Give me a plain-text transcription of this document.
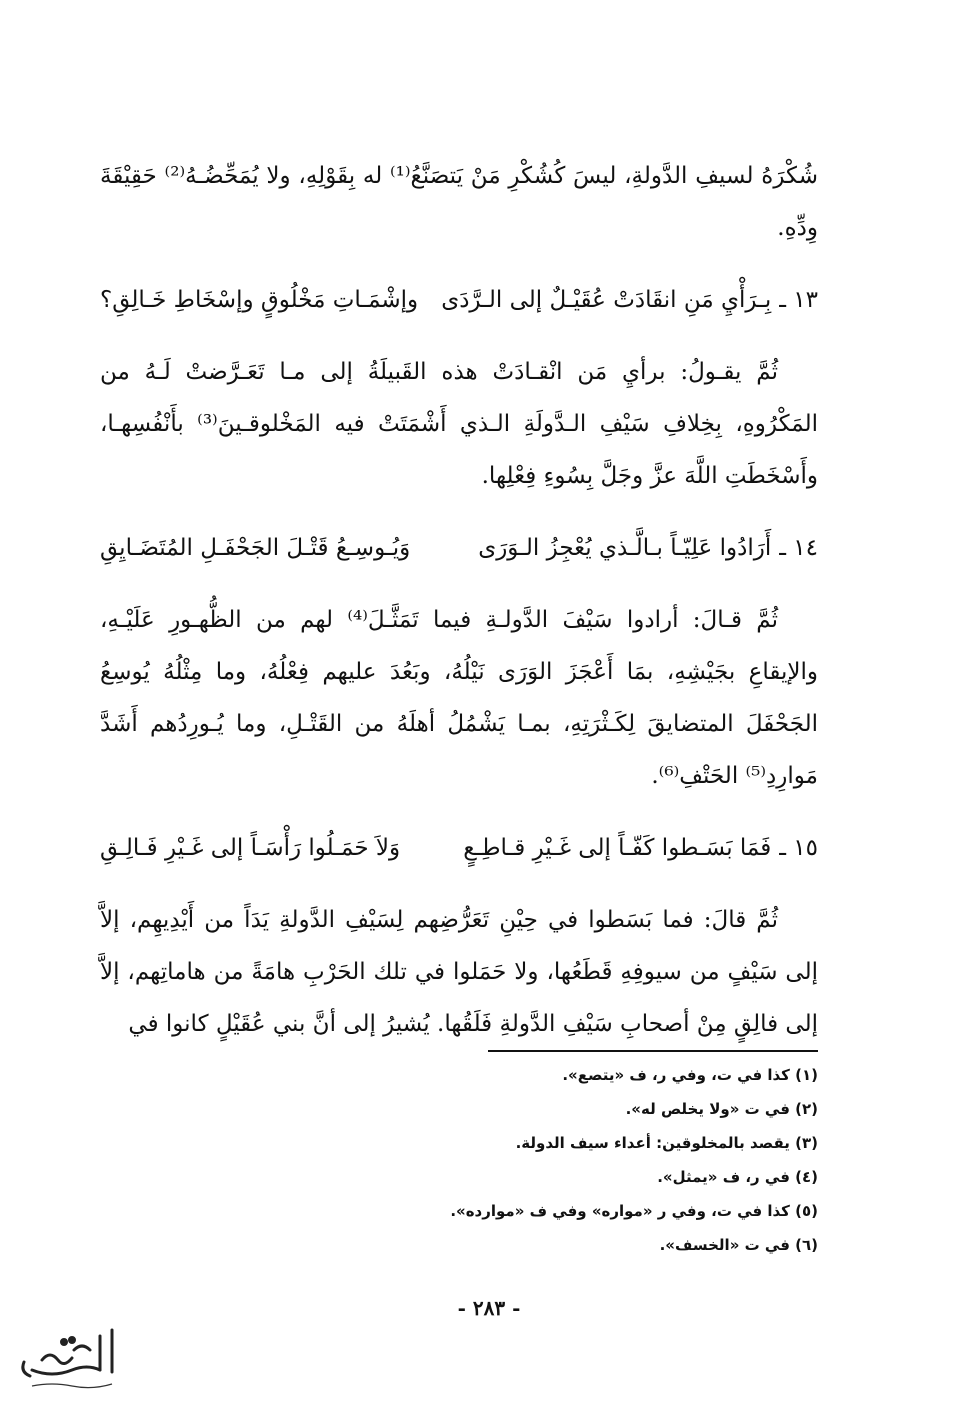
شُكْرَهُ لسيفِ الدَّولةِ، ليسَ كُشُكْرِ مَنْ يَتصَنَّعُ⁽¹⁾ له بِقَوْلِهِ، ولا يُمَحِّضُـهُ⁽²⁾ حَقِيْقَةَ وِدِّهِ.

١٣ ـ
بِـرَأْيِ مَنِ انقَادَتْ عُقَيْـلٌ إلى الـرَّدَى
وإشْمَـاتِ مَخْلُوقٍ وإسْخَاطِ خَـالِقِ؟

ثُمَّ يقـولُ: برأيِ مَن انْقـادَتْ هذه القَبيلَةُ إلى مـا تَعَـرَّضتْ لَـهُ من المَكْرُوهِ، بِخِلافِ سَيْفِ الـدَّولَةِ الـذي أَشْمَتَتْ فيه المَخْلوقـينَ⁽³⁾ بأَنْفُسِهـا، وأَسْخَطَتِ اللَّهَ عزَّ وجَلَّ بِسُوءِ فِعْلِها.

١٤ ـ
أَرَادُوا عَلِيّـاً بـالَّـذي يُعْجِزُ الـوَرَى
وَيُـوسِـعُ قَتْـلَ الجَحْفَـلِ المُتَضَـايِقِ

ثُمَّ قـالَ: أرادوا سَيْفَ الدَّولـةِ فيما تَمَثَّـلَ⁽⁴⁾ لهم من الظُّهـورِ عَلَيْـهِ، والإيقاعِ بجَيْشِهِ، بمَا أَعْجَزَ الوَرَى نَيْلُهُ، وبَعُدَ عليهم فِعْلُهُ، وما مِثْلُهُ يُوسِعُ الجَحْفَلَ المتضايقَ لِكَـثْرَتِهِ، بمـا يَشْمُلُ أهلَهُ من القَتْـلِ، وما يُـورِدُهم أَشَدَّ مَوارِدِ⁽⁵⁾ الحَتْفِ⁽⁶⁾.

١٥ ـ
فَمَا بَسَـطوا كَفّـاً إلى غَـيْرِ قـاطِـعٍ
وَلاَ حَمَـلُوا رَأْسَـاً إلى غَـيْرِ فَـالِـقِ

ثُمَّ قالَ: فما بَسَطوا في حِيْنِ تَعَرُّضِهم لِسَيْفِ الدَّولةِ يَدَاً من أَيْدِيهِم، إلاَّ إلى سَيْفٍ من سيوفِهِ قَطَعُها، ولا حَمَلوا في تلك الحَرْبِ هامَةً من هاماتِهم، إلاَّ إلى فالِقٍ مِنْ أصحابِ سَيْفِ الدَّولةِ فَلَقُها. يُشيرُ إلى أنَّ بني عُقَيْلٍ كانوا في

(١) كذا في ت، وفي ر، ف «يتصع».

(٢) في ت «ولا يخلص له».

(٣) يقصد بالمخلوقين: أعداء سيف الدولة.

(٤) في ر، ف «يمثل».

(٥) كذا في ت، وفي ر «مواره» وفي ف «موارده».

(٦) في ت «الخسف».

- ٢٨٣ -
